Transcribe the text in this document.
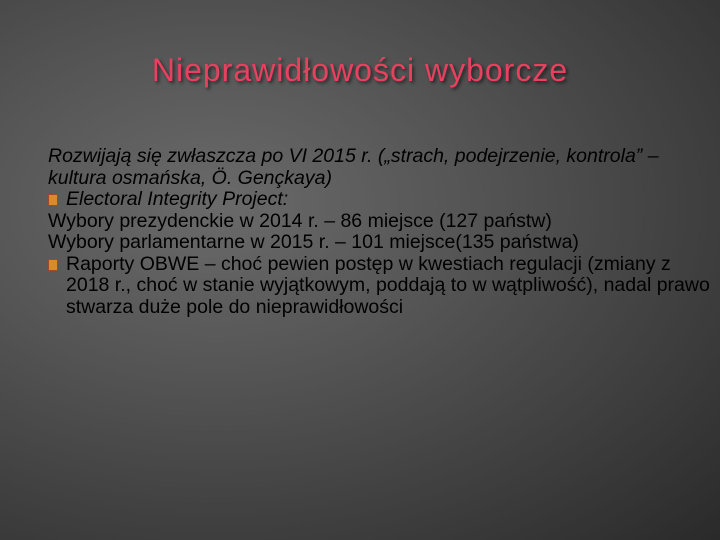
Nieprawidłowości wyborcze

Rozwijają się zwłaszcza po VI 2015 r. („strach, podejrzenie, kontrola” – kultura osmańska, Ö. Gençkaya)

Electoral Integrity Project:

Wybory prezydenckie w 2014 r. – 86 miejsce (127 państw)

Wybory parlamentarne w 2015 r. – 101 miejsce(135 państwa)

Raporty OBWE – choć pewien postęp w kwestiach regulacji (zmiany z 2018 r., choć w stanie wyjątkowym, poddają to w wątpliwość), nadal prawo stwarza duże pole do nieprawidłowości
